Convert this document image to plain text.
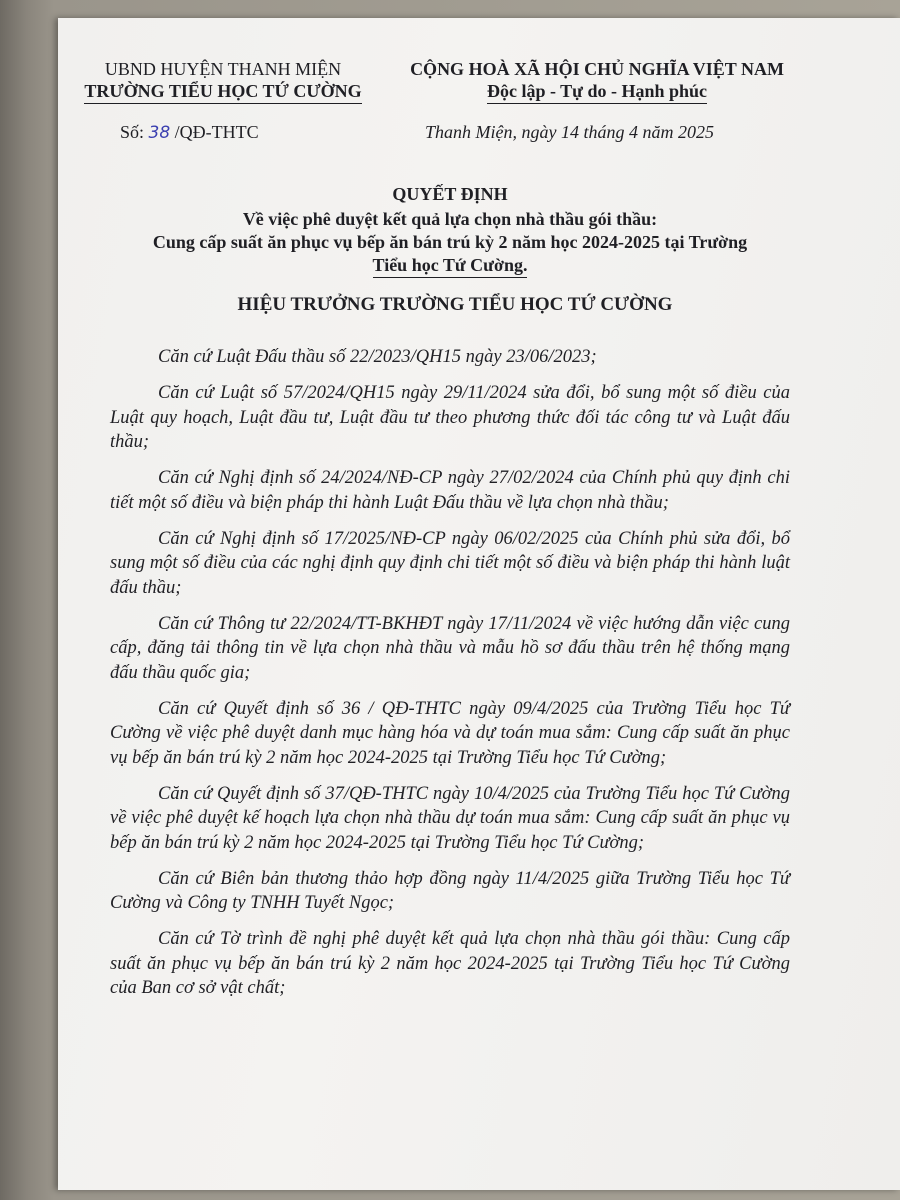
UBND HUYỆN THANH MIỆN
TRƯỜNG TIỂU HỌC TỨ CƯỜNG
CỘNG HOÀ XÃ HỘI CHỦ NGHĨA VIỆT NAM
Độc lập - Tự do - Hạnh phúc
Số: 38 /QĐ-THTC	Thanh Miện, ngày 14 tháng 4 năm 2025
QUYẾT ĐỊNH
Về việc phê duyệt kết quả lựa chọn nhà thầu gói thầu:
Cung cấp suất ăn phục vụ bếp ăn bán trú kỳ 2 năm học 2024-2025 tại Trường
Tiểu học Tứ Cường.
HIỆU TRƯỞNG TRƯỜNG TIỂU HỌC TỨ CƯỜNG

Căn cứ Luật Đấu thầu số 22/2023/QH15 ngày 23/06/2023;

Căn cứ Luật số 57/2024/QH15 ngày 29/11/2024 sửa đổi, bổ sung một số điều của Luật quy hoạch, Luật đầu tư, Luật đầu tư theo phương thức đối tác công tư và Luật đấu thầu;

Căn cứ Nghị định số 24/2024/NĐ-CP ngày 27/02/2024 của Chính phủ quy định chi tiết một số điều và biện pháp thi hành Luật Đấu thầu về lựa chọn nhà thầu;

Căn cứ Nghị định số 17/2025/NĐ-CP ngày 06/02/2025 của Chính phủ sửa đổi, bổ sung một số điều của các nghị định quy định chi tiết một số điều và biện pháp thi hành luật đấu thầu;

Căn cứ Thông tư 22/2024/TT-BKHĐT ngày 17/11/2024 về việc hướng dẫn việc cung cấp, đăng tải thông tin về lựa chọn nhà thầu và mẫu hồ sơ đấu thầu trên hệ thống mạng đấu thầu quốc gia;

Căn cứ Quyết định số 36 / QĐ-THTC ngày 09/4/2025 của Trường Tiểu học Tứ Cường về việc phê duyệt danh mục hàng hóa và dự toán mua sắm: Cung cấp suất ăn phục vụ bếp ăn bán trú kỳ 2 năm học 2024-2025 tại Trường Tiểu học Tứ Cường;

Căn cứ Quyết định số 37/QĐ-THTC ngày 10/4/2025 của Trường Tiểu học Tứ Cường về việc phê duyệt kế hoạch lựa chọn nhà thầu dự toán mua sắm: Cung cấp suất ăn phục vụ bếp ăn bán trú kỳ 2 năm học 2024-2025 tại Trường Tiểu học Tứ Cường;

Căn cứ Biên bản thương thảo hợp đồng ngày 11/4/2025 giữa Trường Tiểu học Tứ Cường và Công ty TNHH Tuyết Ngọc;

Căn cứ Tờ trình đề nghị phê duyệt kết quả lựa chọn nhà thầu gói thầu: Cung cấp suất ăn phục vụ bếp ăn bán trú kỳ 2 năm học 2024-2025 tại Trường Tiểu học Tứ Cường của Ban cơ sở vật chất;
